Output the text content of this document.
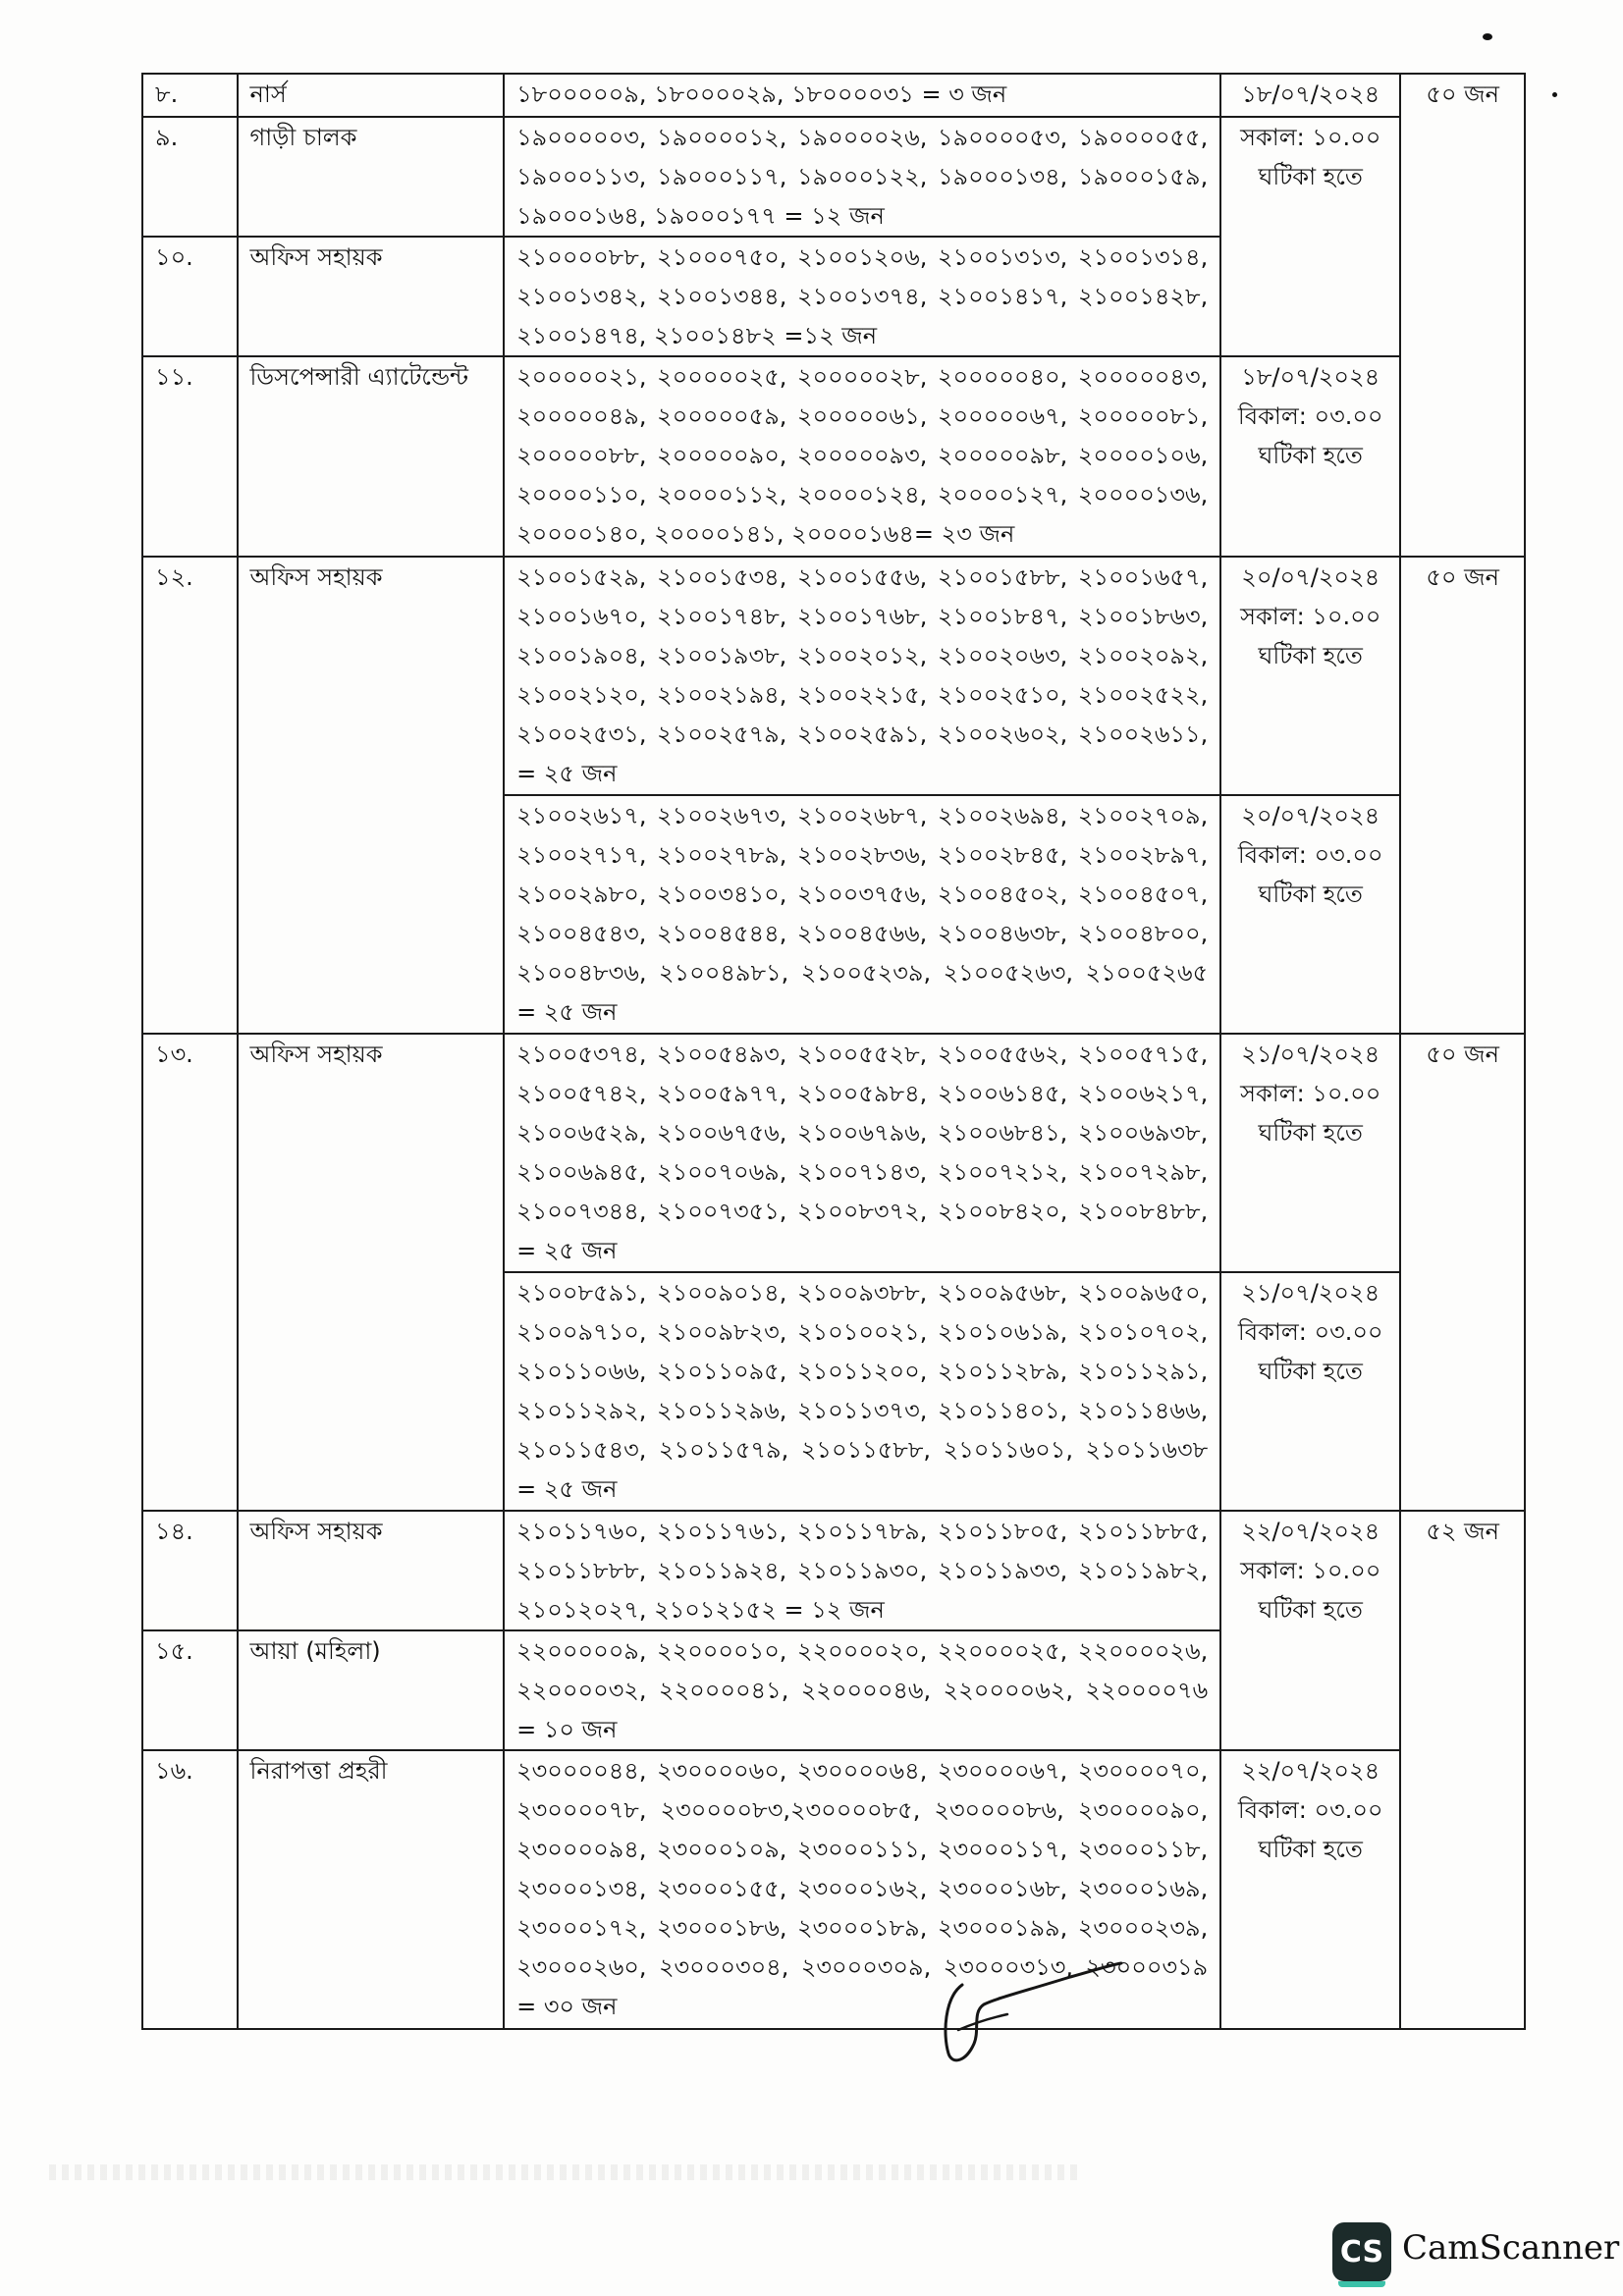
৮.	নার্স	১৮০০০০০৯, ১৮০০০০২৯, ১৮০০০০৩১ = ৩ জন	১৮/০৭/২০২৪	৫০ জন
৯.	গাড়ী চালক	১৯০০০০০৩, ১৯০০০০১২, ১৯০০০০২৬, ১৯০০০০৫৩, ১৯০০০০৫৫, ১৯০০০১১৩, ১৯০০০১১৭, ১৯০০০১২২, ১৯০০০১৩৪, ১৯০০০১৫৯, ১৯০০০১৬৪, ১৯০০০১৭৭ = ১২ জন	সকাল: ১০.০০ ঘটিকা হতে	
১০.	অফিস সহায়ক	২১০০০০৮৮, ২১০০০৭৫০, ২১০০১২০৬, ২১০০১৩১৩, ২১০০১৩১৪, ২১০০১৩৪২, ২১০০১৩৪৪, ২১০০১৩৭৪, ২১০০১৪১৭, ২১০০১৪২৮, ২১০০১৪৭৪, ২১০০১৪৮২ =১২ জন		
১১.	ডিসপেন্সারী এ্যাটেন্ডেন্ট	২০০০০০২১, ২০০০০০২৫, ২০০০০০২৮, ২০০০০০৪০, ২০০০০০৪৩, ২০০০০০৪৯, ২০০০০০৫৯, ২০০০০০৬১, ২০০০০০৬৭, ২০০০০০৮১, ২০০০০০৮৮, ২০০০০০৯০, ২০০০০০৯৩, ২০০০০০৯৮, ২০০০০১০৬, ২০০০০১১০, ২০০০০১১২, ২০০০০১২৪, ২০০০০১২৭, ২০০০০১৩৬, ২০০০০১৪০, ২০০০০১৪১, ২০০০০১৬৪= ২৩ জন	১৮/০৭/২০২৪ বিকাল: ০৩.০০ ঘটিকা হতে	
১২.	অফিস সহায়ক	২১০০১৫২৯, ২১০০১৫৩৪, ২১০০১৫৫৬, ২১০০১৫৮৮, ২১০০১৬৫৭, ২১০০১৬৭০, ২১০০১৭৪৮, ২১০০১৭৬৮, ২১০০১৮৪৭, ২১০০১৮৬৩, ২১০০১৯০৪, ২১০০১৯৩৮, ২১০০২০১২, ২১০০২০৬৩, ২১০০২০৯২, ২১০০২১২০, ২১০০২১৯৪, ২১০০২২১৫, ২১০০২৫১০, ২১০০২৫২২, ২১০০২৫৩১, ২১০০২৫৭৯, ২১০০২৫৯১, ২১০০২৬০২, ২১০০২৬১১, = ২৫ জন	২০/০৭/২০২৪ সকাল: ১০.০০ ঘটিকা হতে	৫০ জন
		২১০০২৬১৭, ২১০০২৬৭৩, ২১০০২৬৮৭, ২১০০২৬৯৪, ২১০০২৭০৯, ২১০০২৭১৭, ২১০০২৭৮৯, ২১০০২৮৩৬, ২১০০২৮৪৫, ২১০০২৮৯৭, ২১০০২৯৮০, ২১০০৩৪১০, ২১০০৩৭৫৬, ২১০০৪৫০২, ২১০০৪৫০৭, ২১০০৪৫৪৩, ২১০০৪৫৪৪, ২১০০৪৫৬৬, ২১০০৪৬৩৮, ২১০০৪৮০০, ২১০০৪৮৩৬, ২১০০৪৯৮১, ২১০০৫২৩৯, ২১০০৫২৬৩, ২১০০৫২৬৫ = ২৫ জন	২০/০৭/২০২৪ বিকাল: ০৩.০০ ঘটিকা হতে	
১৩.	অফিস সহায়ক	২১০০৫৩৭৪, ২১০০৫৪৯৩, ২১০০৫৫২৮, ২১০০৫৫৬২, ২১০০৫৭১৫, ২১০০৫৭৪২, ২১০০৫৯৭৭, ২১০০৫৯৮৪, ২১০০৬১৪৫, ২১০০৬২১৭, ২১০০৬৫২৯, ২১০০৬৭৫৬, ২১০০৬৭৯৬, ২১০০৬৮৪১, ২১০০৬৯৩৮, ২১০০৬৯৪৫, ২১০০৭০৬৯, ২১০০৭১৪৩, ২১০০৭২১২, ২১০০৭২৯৮, ২১০০৭৩৪৪, ২১০০৭৩৫১, ২১০০৮৩৭২, ২১০০৮৪২০, ২১০০৮৪৮৮, = ২৫ জন	২১/০৭/২০২৪ সকাল: ১০.০০ ঘটিকা হতে	৫০ জন
		২১০০৮৫৯১, ২১০০৯০১৪, ২১০০৯৩৮৮, ২১০০৯৫৬৮, ২১০০৯৬৫০, ২১০০৯৭১০, ২১০০৯৮২৩, ২১০১০০২১, ২১০১০৬১৯, ২১০১০৭০২, ২১০১১০৬৬, ২১০১১০৯৫, ২১০১১২০০, ২১০১১২৮৯, ২১০১১২৯১, ২১০১১২৯২, ২১০১১২৯৬, ২১০১১৩৭৩, ২১০১১৪০১, ২১০১১৪৬৬, ২১০১১৫৪৩, ২১০১১৫৭৯, ২১০১১৫৮৮, ২১০১১৬০১, ২১০১১৬৩৮ = ২৫ জন	২১/০৭/২০২৪ বিকাল: ০৩.০০ ঘটিকা হতে	
১৪.	অফিস সহায়ক	২১০১১৭৬০, ২১০১১৭৬১, ২১০১১৭৮৯, ২১০১১৮০৫, ২১০১১৮৮৫, ২১০১১৮৮৮, ২১০১১৯২৪, ২১০১১৯৩০, ২১০১১৯৩৩, ২১০১১৯৮২, ২১০১২০২৭, ২১০১২১৫২ = ১২ জন	২২/০৭/২০২৪ সকাল: ১০.০০ ঘটিকা হতে	৫২ জন
১৫.	আয়া (মহিলা)	২২০০০০০৯, ২২০০০০১০, ২২০০০০২০, ২২০০০০২৫, ২২০০০০২৬, ২২০০০০৩২, ২২০০০০৪১, ২২০০০০৪৬, ২২০০০০৬২, ২২০০০০৭৬ = ১০ জন		
১৬.	নিরাপত্তা প্রহরী	২৩০০০০৪৪, ২৩০০০০৬০, ২৩০০০০৬৪, ২৩০০০০৬৭, ২৩০০০০৭০, ২৩০০০০৭৮, ২৩০০০০৮৩,২৩০০০০৮৫, ২৩০০০০৮৬, ২৩০০০০৯০, ২৩০০০০৯৪, ২৩০০০১০৯, ২৩০০০১১১, ২৩০০০১১৭, ২৩০০০১১৮, ২৩০০০১৩৪, ২৩০০০১৫৫, ২৩০০০১৬২, ২৩০০০১৬৮, ২৩০০০১৬৯, ২৩০০০১৭২, ২৩০০০১৮৬, ২৩০০০১৮৯, ২৩০০০১৯৯, ২৩০০০২৩৯, ২৩০০০২৬০, ২৩০০০৩০৪, ২৩০০০৩০৯, ২৩০০০৩১৩, ২৩০০০৩১৯ = ৩০ জন	২২/০৭/২০২৪ বিকাল: ০৩.০০ ঘটিকা হতে	
CS CamScanner
